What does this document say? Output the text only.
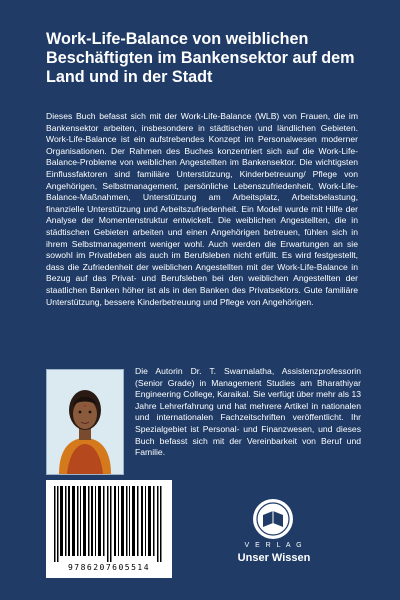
Work-Life-Balance von weiblichen Beschäftigten im Bankensektor auf dem Land und in der Stadt

Dieses Buch befasst sich mit der Work-Life-Balance (WLB) von Frauen, die im Bankensektor arbeiten, insbesondere in städtischen und ländlichen Gebieten. Work-Life-Balance ist ein aufstrebendes Konzept im Personalwesen moderner Organisationen. Der Rahmen des Buches konzentriert sich auf die Work-Life-Balance-Probleme von weiblichen Angestellten im Bankensektor. Die wichtigsten Einflussfaktoren sind familiäre Unterstützung, Kinderbetreuung/ Pflege von Angehörigen, Selbstmanagement, persönliche Lebenszufriedenheit, Work-Life-Balance-Maßnahmen, Unterstützung am Arbeitsplatz, Arbeitsbelastung, finanzielle Unterstützung und Arbeitszufriedenheit. Ein Modell wurde mit Hilfe der Analyse der Momentenstruktur entwickelt. Die weiblichen Angestellten, die in städtischen Gebieten arbeiten und einen Angehörigen betreuen, fühlen sich in ihrem Selbstmanagement weniger wohl. Auch werden die Erwartungen an sie sowohl im Privatleben als auch im Berufsleben nicht erfüllt. Es wird festgestellt, dass die Zufriedenheit der weiblichen Angestellten mit der Work-Life-Balance in Bezug auf das Privat- und Berufsleben bei den weiblichen Angestellten der staatlichen Banken höher ist als in den Banken des Privatsektors. Gute familiäre Unterstützung, bessere Kinderbetreuung und Pflege von Angehörigen.

Die Autorin Dr. T. Swarnalatha, Assistenzprofessorin (Senior Grade) in Management Studies am Bharathiyar Engineering College, Karaikal. Sie verfügt über mehr als 13 Jahre Lehrerfahrung und hat mehrere Artikel in nationalen und internationalen Fachzeitschriften veröffentlicht. Ihr Spezialgebiet ist Personal- und Finanzwesen, und dieses Buch befasst sich mit der Vereinbarkeit von Beruf und Familie.

9786207605514
V E R L A G
Unser Wissen
